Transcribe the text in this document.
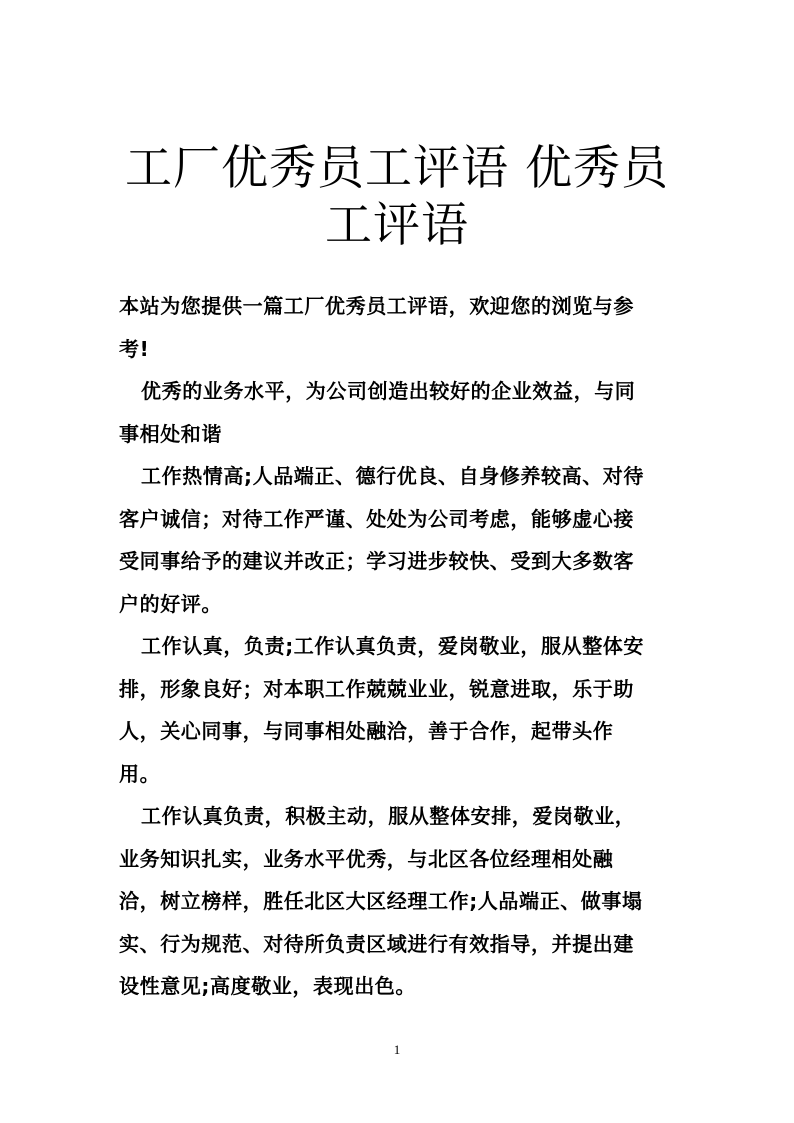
工厂优秀员工评语 优秀员
工评语

本站为您提供一篇工厂优秀员工评语，欢迎您的浏览与参
考!

优秀的业务水平，为公司创造出较好的企业效益，与同
事相处和谐

工作热情高;人品端正、德行优良、自身修养较高、对待
客户诚信；对待工作严谨、处处为公司考虑，能够虚心接
受同事给予的建议并改正；学习进步较快、受到大多数客
户的好评。

工作认真，负责;工作认真负责，爱岗敬业，服从整体安
排，形象良好；对本职工作兢兢业业，锐意进取，乐于助
人，关心同事，与同事相处融洽，善于合作，起带头作
用。

工作认真负责，积极主动，服从整体安排，爱岗敬业，
业务知识扎实，业务水平优秀，与北区各位经理相处融
洽，树立榜样，胜任北区大区经理工作;人品端正、做事塌
实、行为规范、对待所负责区域进行有效指导，并提出建
设性意见;高度敬业，表现出色。

1
